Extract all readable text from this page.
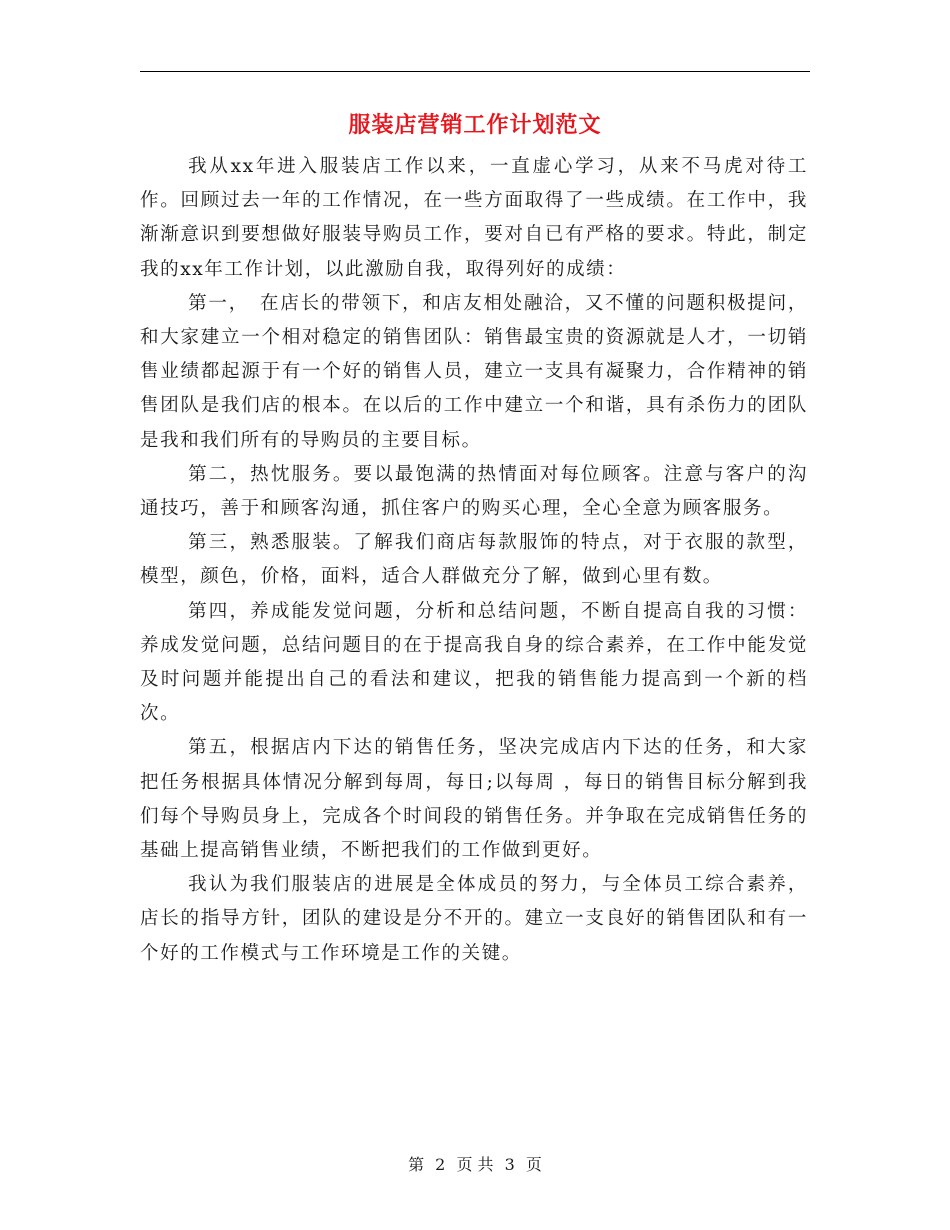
服装店营销工作计划范文

我从xx年进入服装店工作以来，一直虚心学习，从来不马虎对待工作。回顾过去一年的工作情况，在一些方面取得了一些成绩。在工作中，我渐渐意识到要想做好服装导购员工作，要对自已有严格的要求。特此，制定我的xx年工作计划，以此激励自我，取得列好的成绩：

第一，　在店长的带领下，和店友相处融洽，又不懂的问题积极提问，和大家建立一个相对稳定的销售团队：销售最宝贵的资源就是人才，一切销售业绩都起源于有一个好的销售人员，建立一支具有凝聚力，合作精神的销售团队是我们店的根本。在以后的工作中建立一个和谐，具有杀伤力的团队是我和我们所有的导购员的主要目标。

第二，热忱服务。要以最饱满的热情面对每位顾客。注意与客户的沟通技巧，善于和顾客沟通，抓住客户的购买心理，全心全意为顾客服务。

第三，熟悉服装。了解我们商店每款服饰的特点，对于衣服的款型，模型，颜色，价格，面料，适合人群做充分了解，做到心里有数。

第四，养成能发觉问题，分析和总结问题，不断自提高自我的习惯：养成发觉问题，总结问题目的在于提高我自身的综合素养，在工作中能发觉及时问题并能提出自己的看法和建议，把我的销售能力提高到一个新的档次。

第五，根据店内下达的销售任务，坚决完成店内下达的任务，和大家把任务根据具体情况分解到每周，每日;以每周 ，每日的销售目标分解到我们每个导购员身上，完成各个时间段的销售任务。并争取在完成销售任务的基础上提高销售业绩，不断把我们的工作做到更好。

我认为我们服装店的进展是全体成员的努力，与全体员工综合素养，店长的指导方针，团队的建设是分不开的。建立一支良好的销售团队和有一个好的工作模式与工作环境是工作的关键。

第 2 页 共 3 页
